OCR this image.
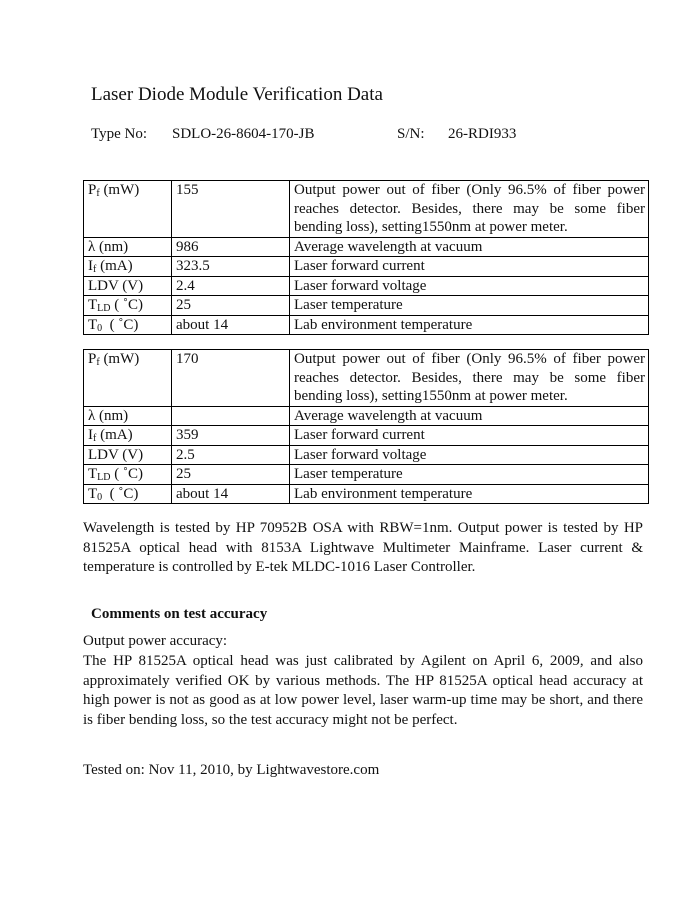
Laser Diode Module Verification Data
Type No: SDLO-26-8604-170-JB	S/N: 26-RDI933
$P_f$ (mW)	155	Output power out of fiber (Only 96.5% of fiber power reaches detector. Besides, there may be some fiber bending loss), setting1550nm at power meter.
λ (nm)	986	Average wavelength at vacuum
$I_f$ (mA)	323.5	Laser forward current
LDV (V)	2.4	Laser forward voltage
$T_{LD}$ ( ˚C)	25	Laser temperature
$T_0$  ( ˚C)	about 14	Lab environment temperature
$P_f$ (mW)	170	Output power out of fiber (Only 96.5% of fiber power reaches detector. Besides, there may be some fiber bending loss), setting1550nm at power meter.
λ (nm)		Average wavelength at vacuum
$I_f$ (mA)	359	Laser forward current
LDV (V)	2.5	Laser forward voltage
$T_{LD}$ ( ˚C)	25	Laser temperature
$T_0$  ( ˚C)	about 14	Lab environment temperature
Wavelength is tested by HP 70952B OSA with RBW=1nm. Output power is tested by HP 81525A optical head with 8153A Lightwave Multimeter Mainframe. Laser current & temperature is controlled by E-tek MLDC-1016 Laser Controller.
Comments on test accuracy
Output power accuracy:
The HP 81525A optical head was just calibrated by Agilent on April 6, 2009, and also approximately verified OK by various methods. The HP 81525A optical head accuracy at high power is not as good as at low power level, laser warm-up time may be short, and there is fiber bending loss, so the test accuracy might not be perfect.
Tested on: Nov 11, 2010, by Lightwavestore.com
